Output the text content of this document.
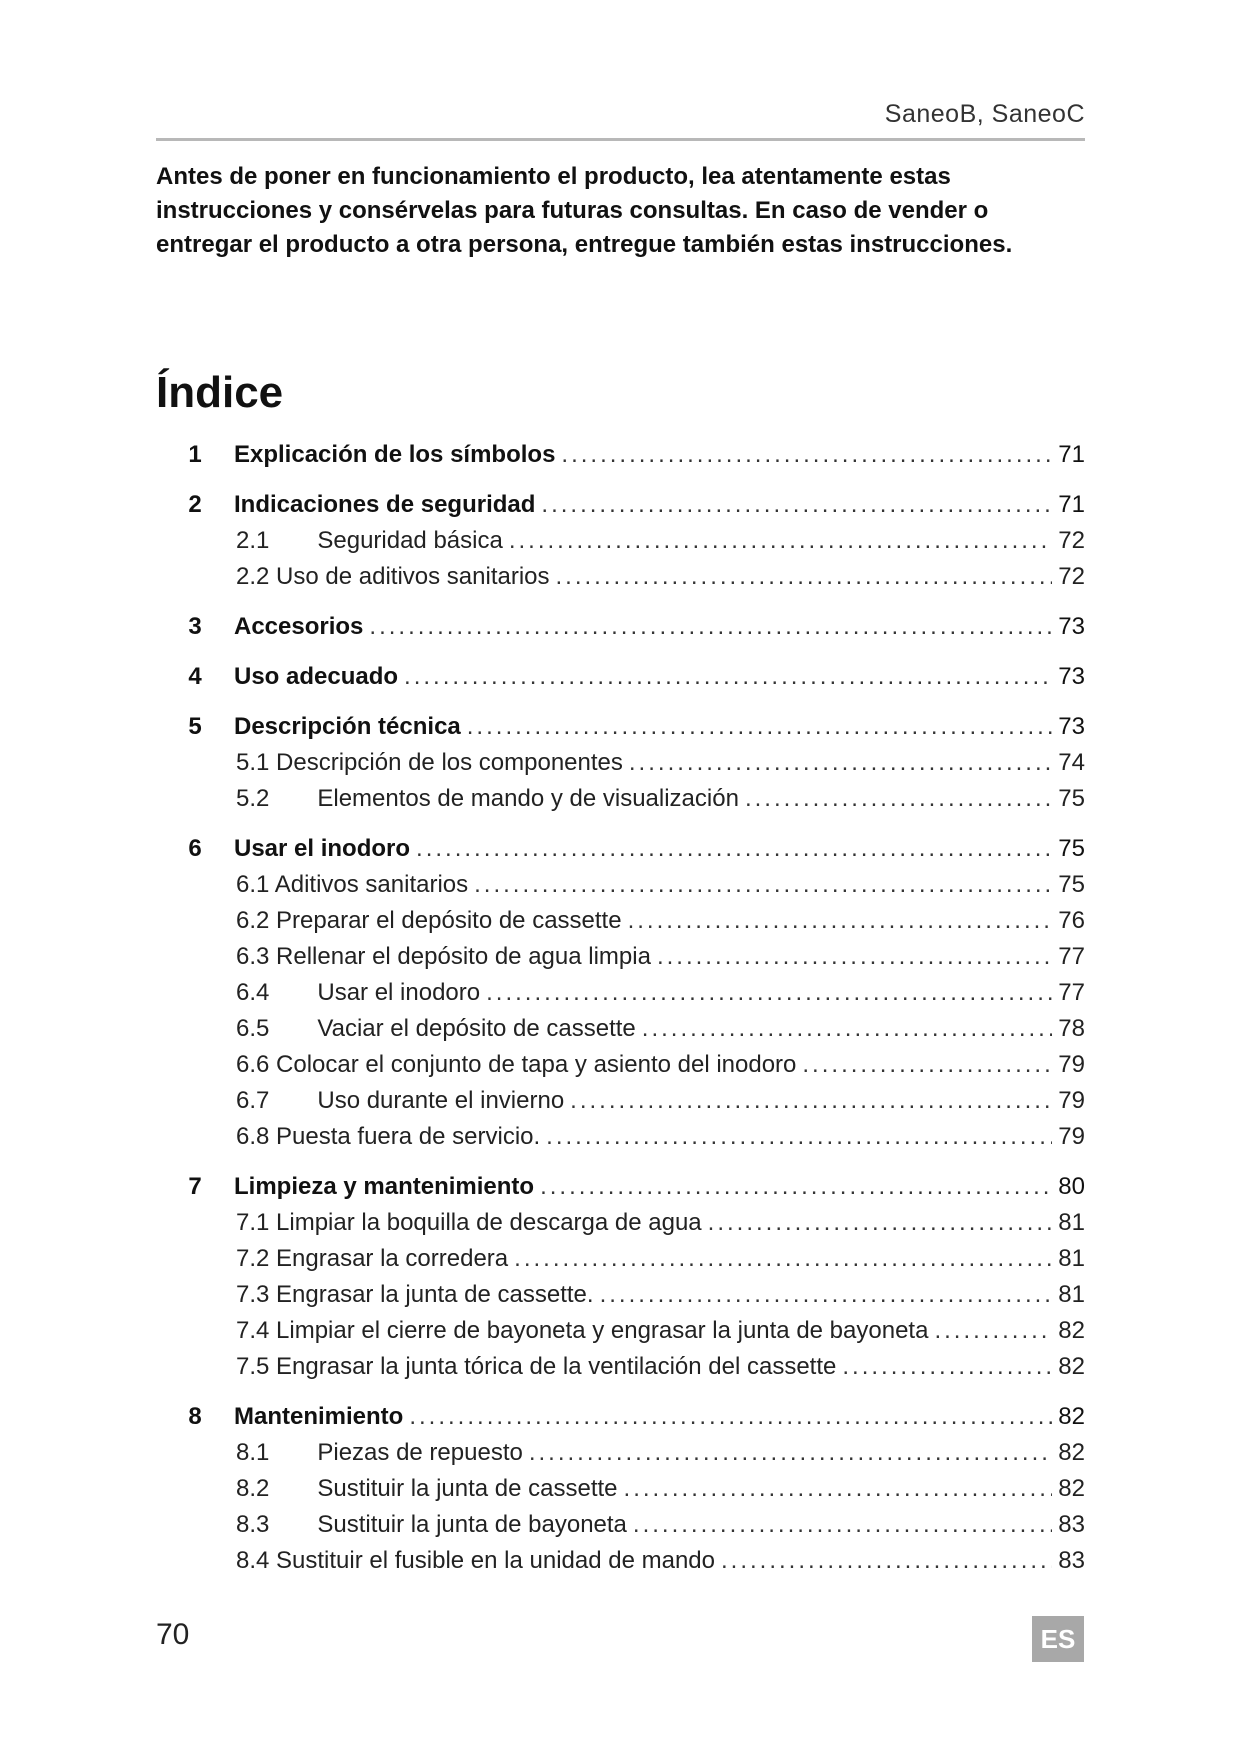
SaneoB, SaneoC

Antes de poner en funcionamiento el producto, lea atentamente estas instrucciones y consérvelas para futuras consultas. En caso de vender o entregar el producto a otra persona, entregue también estas instrucciones.

Índice
1	Explicación de los símbolos .....	71
2	Indicaciones de seguridad .....	71
2.1  Seguridad básica .....	72
2.2 Uso de aditivos sanitarios .....	72
3	Accesorios .....	73
4	Uso adecuado .....	73
5	Descripción técnica .....	73
5.1 Descripción de los componentes .....	74
5.2  Elementos de mando y de visualización .....	75
6	Usar el inodoro .....	75
6.1 Aditivos sanitarios .....	75
6.2 Preparar el depósito de cassette .....	76
6.3 Rellenar el depósito de agua limpia .....	77
6.4  Usar el inodoro .....	77
6.5  Vaciar el depósito de cassette .....	78
6.6 Colocar el conjunto de tapa y asiento del inodoro .....	79
6.7  Uso durante el invierno .....	79
6.8 Puesta fuera de servicio. .....	79
7	Limpieza y mantenimiento .....	80
7.1 Limpiar la boquilla de descarga de agua .....	81
7.2 Engrasar la corredera .....	81
7.3 Engrasar la junta de cassette. .....	81
7.4 Limpiar el cierre de bayoneta y engrasar la junta de bayoneta .....	82
7.5 Engrasar la junta tórica de la ventilación del cassette .....	82
8	Mantenimiento .....	82
8.1  Piezas de repuesto .....	82
8.2  Sustituir la junta de cassette .....	82
8.3  Sustituir la junta de bayoneta .....	83
8.4 Sustituir el fusible en la unidad de mando .....	83
70	ES
